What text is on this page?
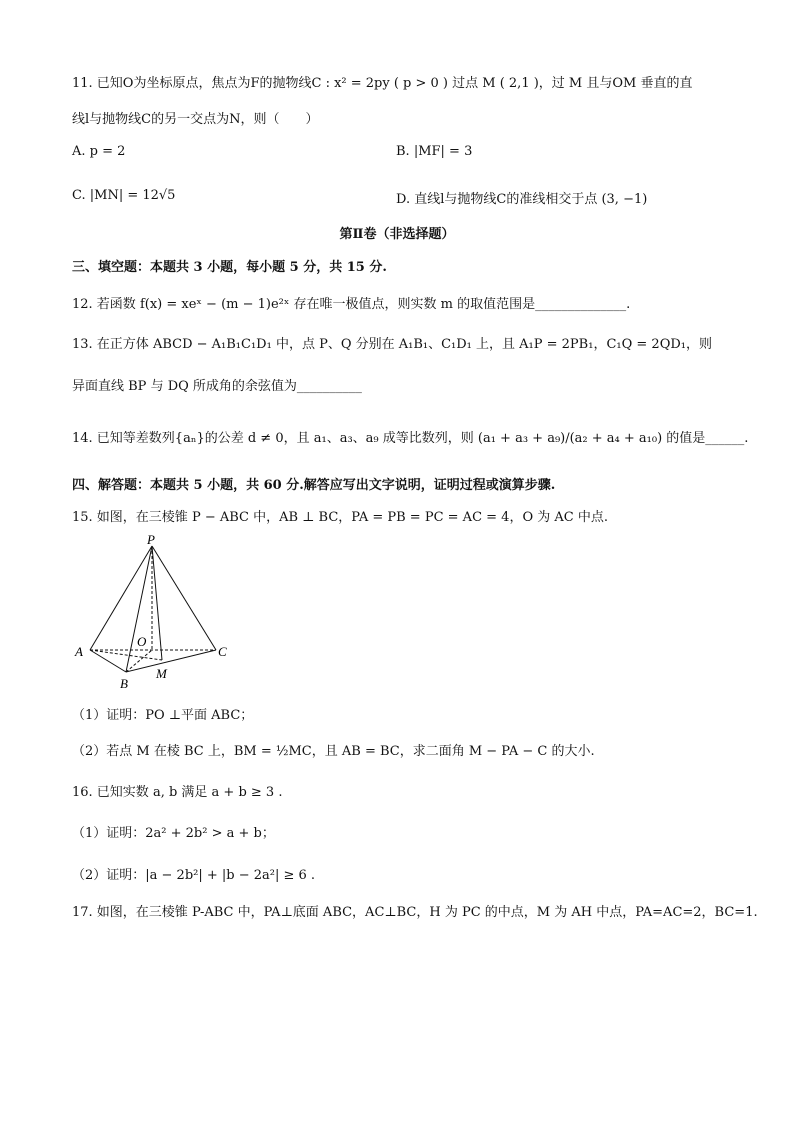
11. 已知O为坐标原点，焦点为F的抛物线C : x² = 2py ( p > 0 ) 过点 M ( 2,1 )，过 M 且与OM 垂直的直
线l与抛物线C的另一交点为N，则（　　）
A. p = 2	B. |MF| = 3
C. |MN| = 12√5	D. 直线l与抛物线C的准线相交于点 (3, −1)
第Ⅱ卷（非选择题）
三、填空题：本题共 3 小题，每小题 5 分，共 15 分.
12. 若函数 f(x) = xeˣ − (m − 1)e²ˣ 存在唯一极值点，则实数 m 的取值范围是______________.
13. 在正方体 ABCD − A₁B₁C₁D₁ 中，点 P、Q 分别在 A₁B₁、C₁D₁ 上，且 A₁P = 2PB₁，C₁Q = 2QD₁，则
异面直线 BP 与 DQ 所成角的余弦值为__________
14. 已知等差数列{aₙ}的公差 d ≠ 0，且 a₁、a₃、a₉ 成等比数列，则 (a₁ + a₃ + a₉)/(a₂ + a₄ + a₁₀) 的值是______.
四、解答题：本题共 5 小题，共 60 分.解答应写出文字说明，证明过程或演算步骤.
15. 如图，在三棱锥 P − ABC 中，AB ⊥ BC，PA = PB = PC = AC = 4，O 为 AC 中点.
P
A
B
C
O
M
（1）证明：PO ⊥平面 ABC；
（2）若点 M 在棱 BC 上，BM = ½MC，且 AB = BC，求二面角 M − PA − C 的大小.
16. 已知实数 a, b 满足 a + b ≥ 3 .
（1）证明：2a² + 2b² > a + b；
（2）证明：|a − 2b²| + |b − 2a²| ≥ 6 .
17. 如图，在三棱锥 P-ABC 中，PA⊥底面 ABC，AC⊥BC，H 为 PC 的中点，M 为 AH 中点，PA=AC=2，BC=1.
